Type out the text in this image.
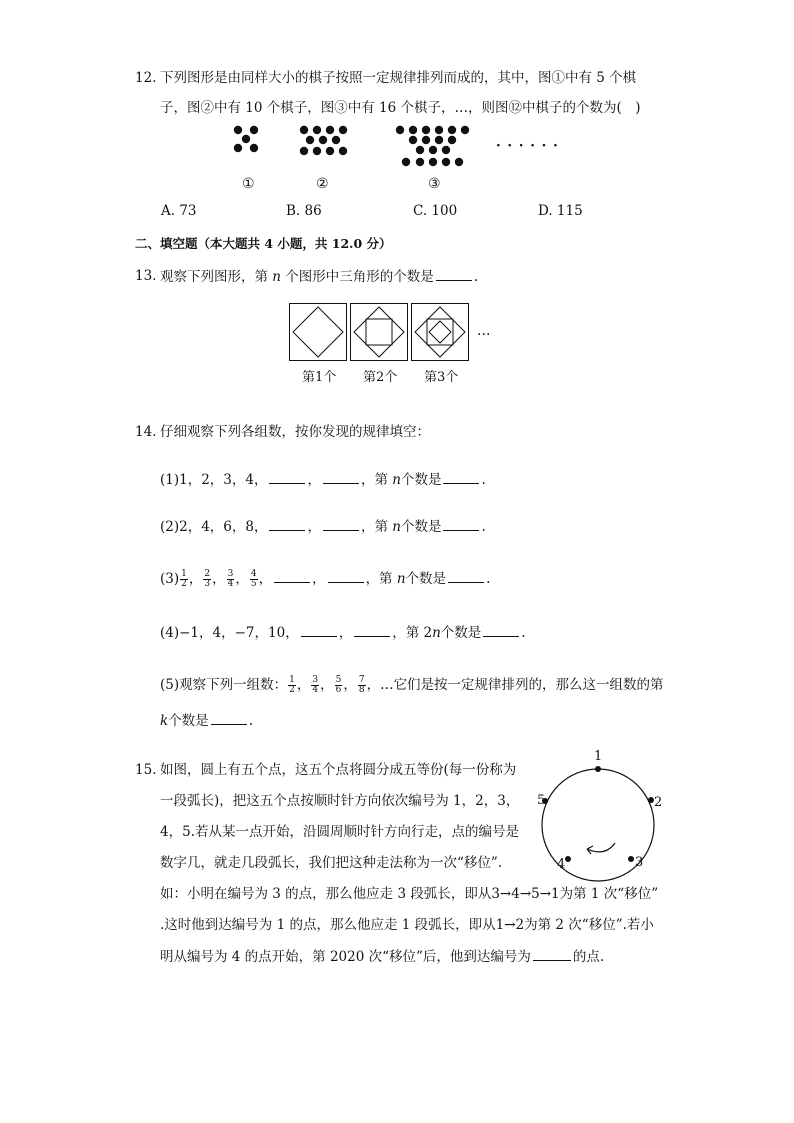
12. 下列图形是由同样大小的棋子按照一定规律排列而成的，其中，图①中有 5 个棋
子，图②中有 10 个棋子，图③中有 16 个棋子，…，则图⑫中棋子的个数为(　)
· · · · · ·
①	②	③
A. 73	B. 86	C. 100	D. 115
二、填空题（本大题共 4 小题，共 12.0 分）
13. 观察下列图形，第 n 个图形中三角形的个数是	.
…
第1个 第2个 第3个
14. 仔细观察下列各组数，按你发现的规律填空：
(1)1，2，3，4，	，	，第 n个数是	.
(2)2，4，6，8，	，	，第 n个数是	.
$(3) \frac{1}{2}$ ， $\frac{2}{3}$ ， $\frac{3}{4}$ ， $\frac{4}{5}$ ，	，	，第 n个数是	.
(4)−1，4，−7，10，	，	，第 2n个数是	.
(5)观察下列一组数： $\frac{1}{2}$ ， $\frac{3}{4}$ ， $\frac{5}{6}$ ， $\frac{7}{8}$ ，…它们是按一定规律排列的，那么这一组数的第
k个数是	.
15. 如图，圆上有五个点，这五个点将圆分成五等份(每一份称为
一段弧长)，把这五个点按顺时针方向依次编号为 1，2，3，
4，5.若从某一点开始，沿圆周顺时针方向行走，点的编号是
数字几，就走几段弧长，我们把这种走法称为一次“移位”.
如：小明在编号为 3 的点，那么他应走 3 段弧长，即从3→4→5→1为第 1 次“移位”
.这时他到达编号为 1 的点，那么他应走 1 段弧长，即从1→2为第 2 次“移位”.若小
明从编号为 4 的点开始，第 2020 次“移位”后，他到达编号为	的点.
1
2
3
4
5
